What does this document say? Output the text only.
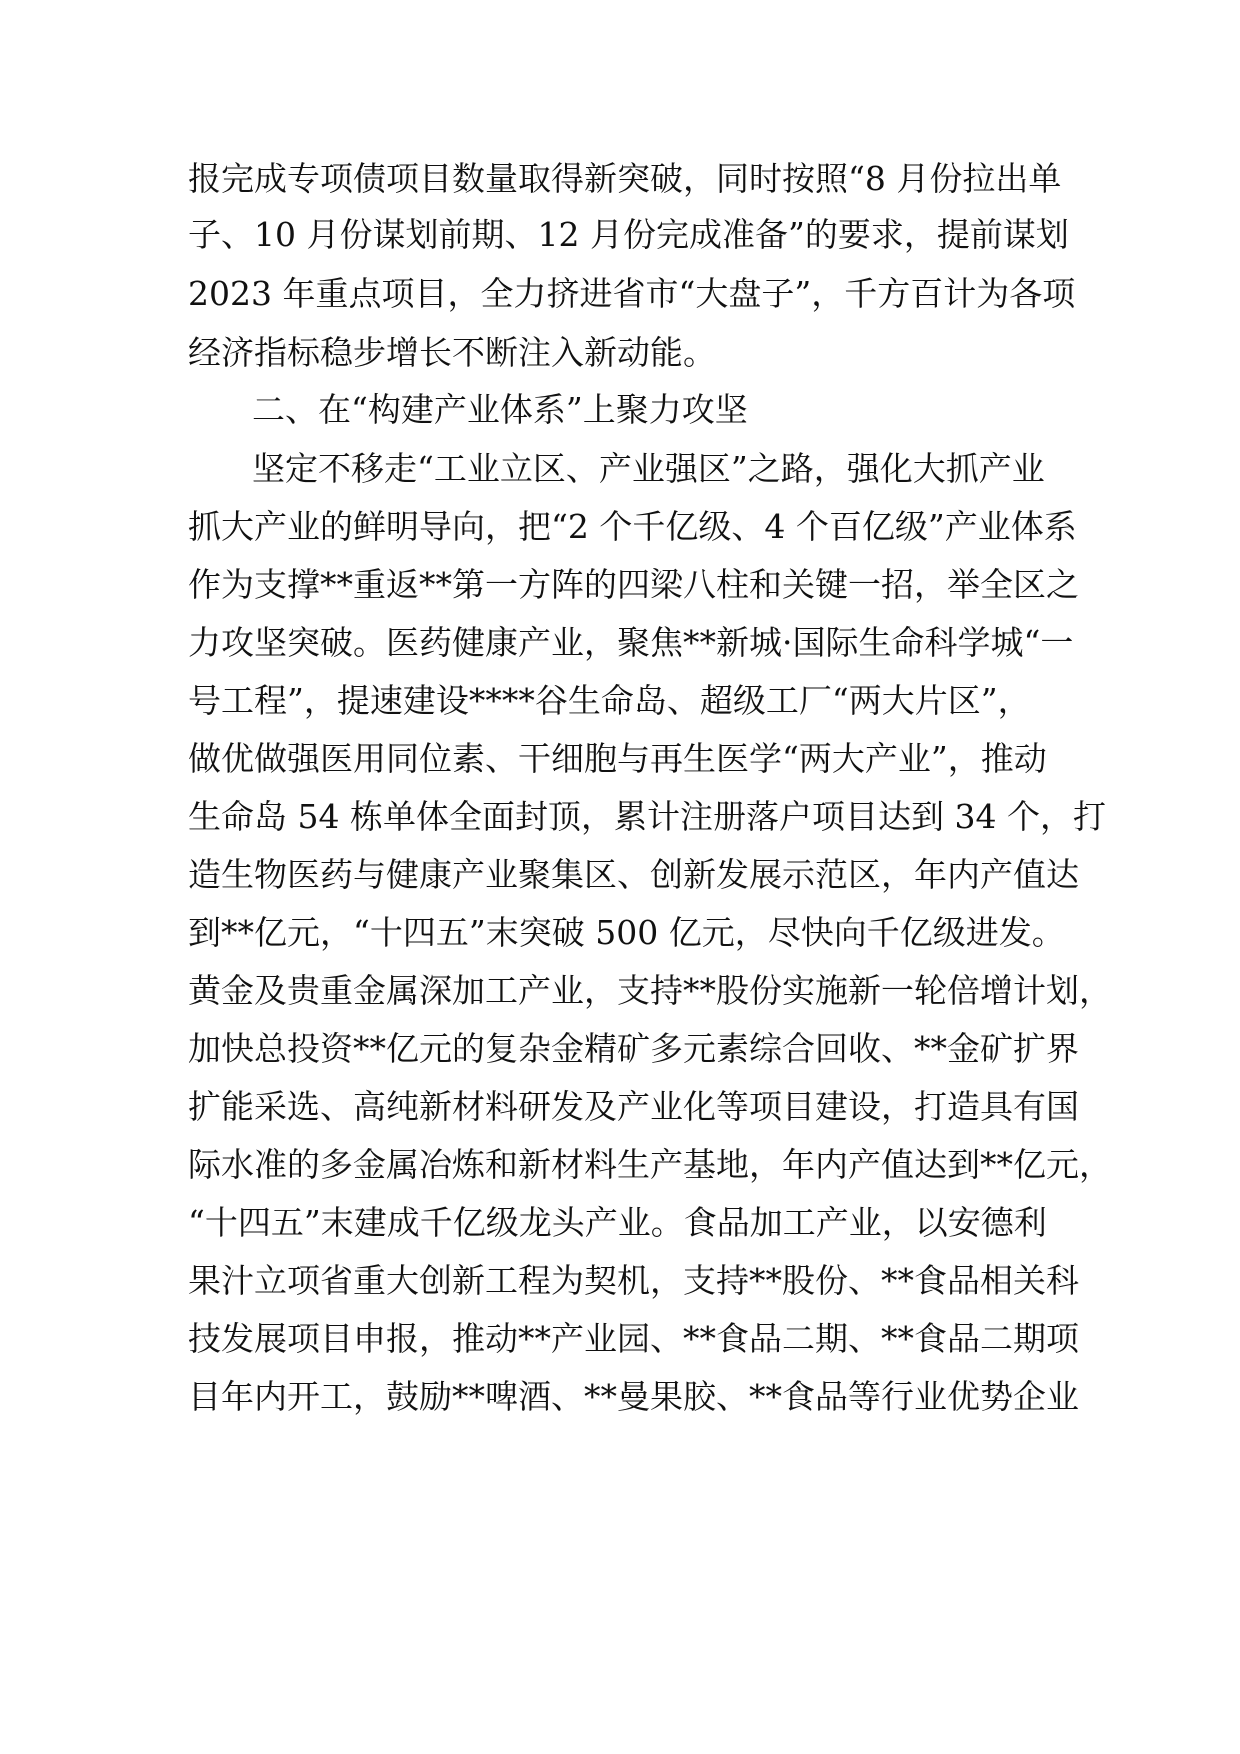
报完成专项债项目数量取得新突破，同时按照“8 月份拉出单
子、10 月份谋划前期、12 月份完成准备”的要求，提前谋划
2023 年重点项目，全力挤进省市“大盘子”，千方百计为各项
经济指标稳步增长不断注入新动能。
二、在“构建产业体系”上聚力攻坚
坚定不移走“工业立区、产业强区”之路，强化大抓产业
抓大产业的鲜明导向，把“2 个千亿级、4 个百亿级”产业体系
作为支撑**重返**第一方阵的四梁八柱和关键一招，举全区之
力攻坚突破。医药健康产业，聚焦**新城·国际生命科学城“一
号工程”，提速建设****谷生命岛、超级工厂“两大片区”，
做优做强医用同位素、干细胞与再生医学“两大产业”，推动
生命岛 54 栋单体全面封顶，累计注册落户项目达到 34 个，打
造生物医药与健康产业聚集区、创新发展示范区，年内产值达
到**亿元，“十四五”末突破 500 亿元，尽快向千亿级进发。
黄金及贵重金属深加工产业，支持**股份实施新一轮倍增计划，
加快总投资**亿元的复杂金精矿多元素综合回收、**金矿扩界
扩能采选、高纯新材料研发及产业化等项目建设，打造具有国
际水准的多金属冶炼和新材料生产基地，年内产值达到**亿元，
“十四五”末建成千亿级龙头产业。食品加工产业，以安德利
果汁立项省重大创新工程为契机，支持**股份、**食品相关科
技发展项目申报，推动**产业园、**食品二期、**食品二期项
目年内开工，鼓励**啤酒、**曼果胶、**食品等行业优势企业
